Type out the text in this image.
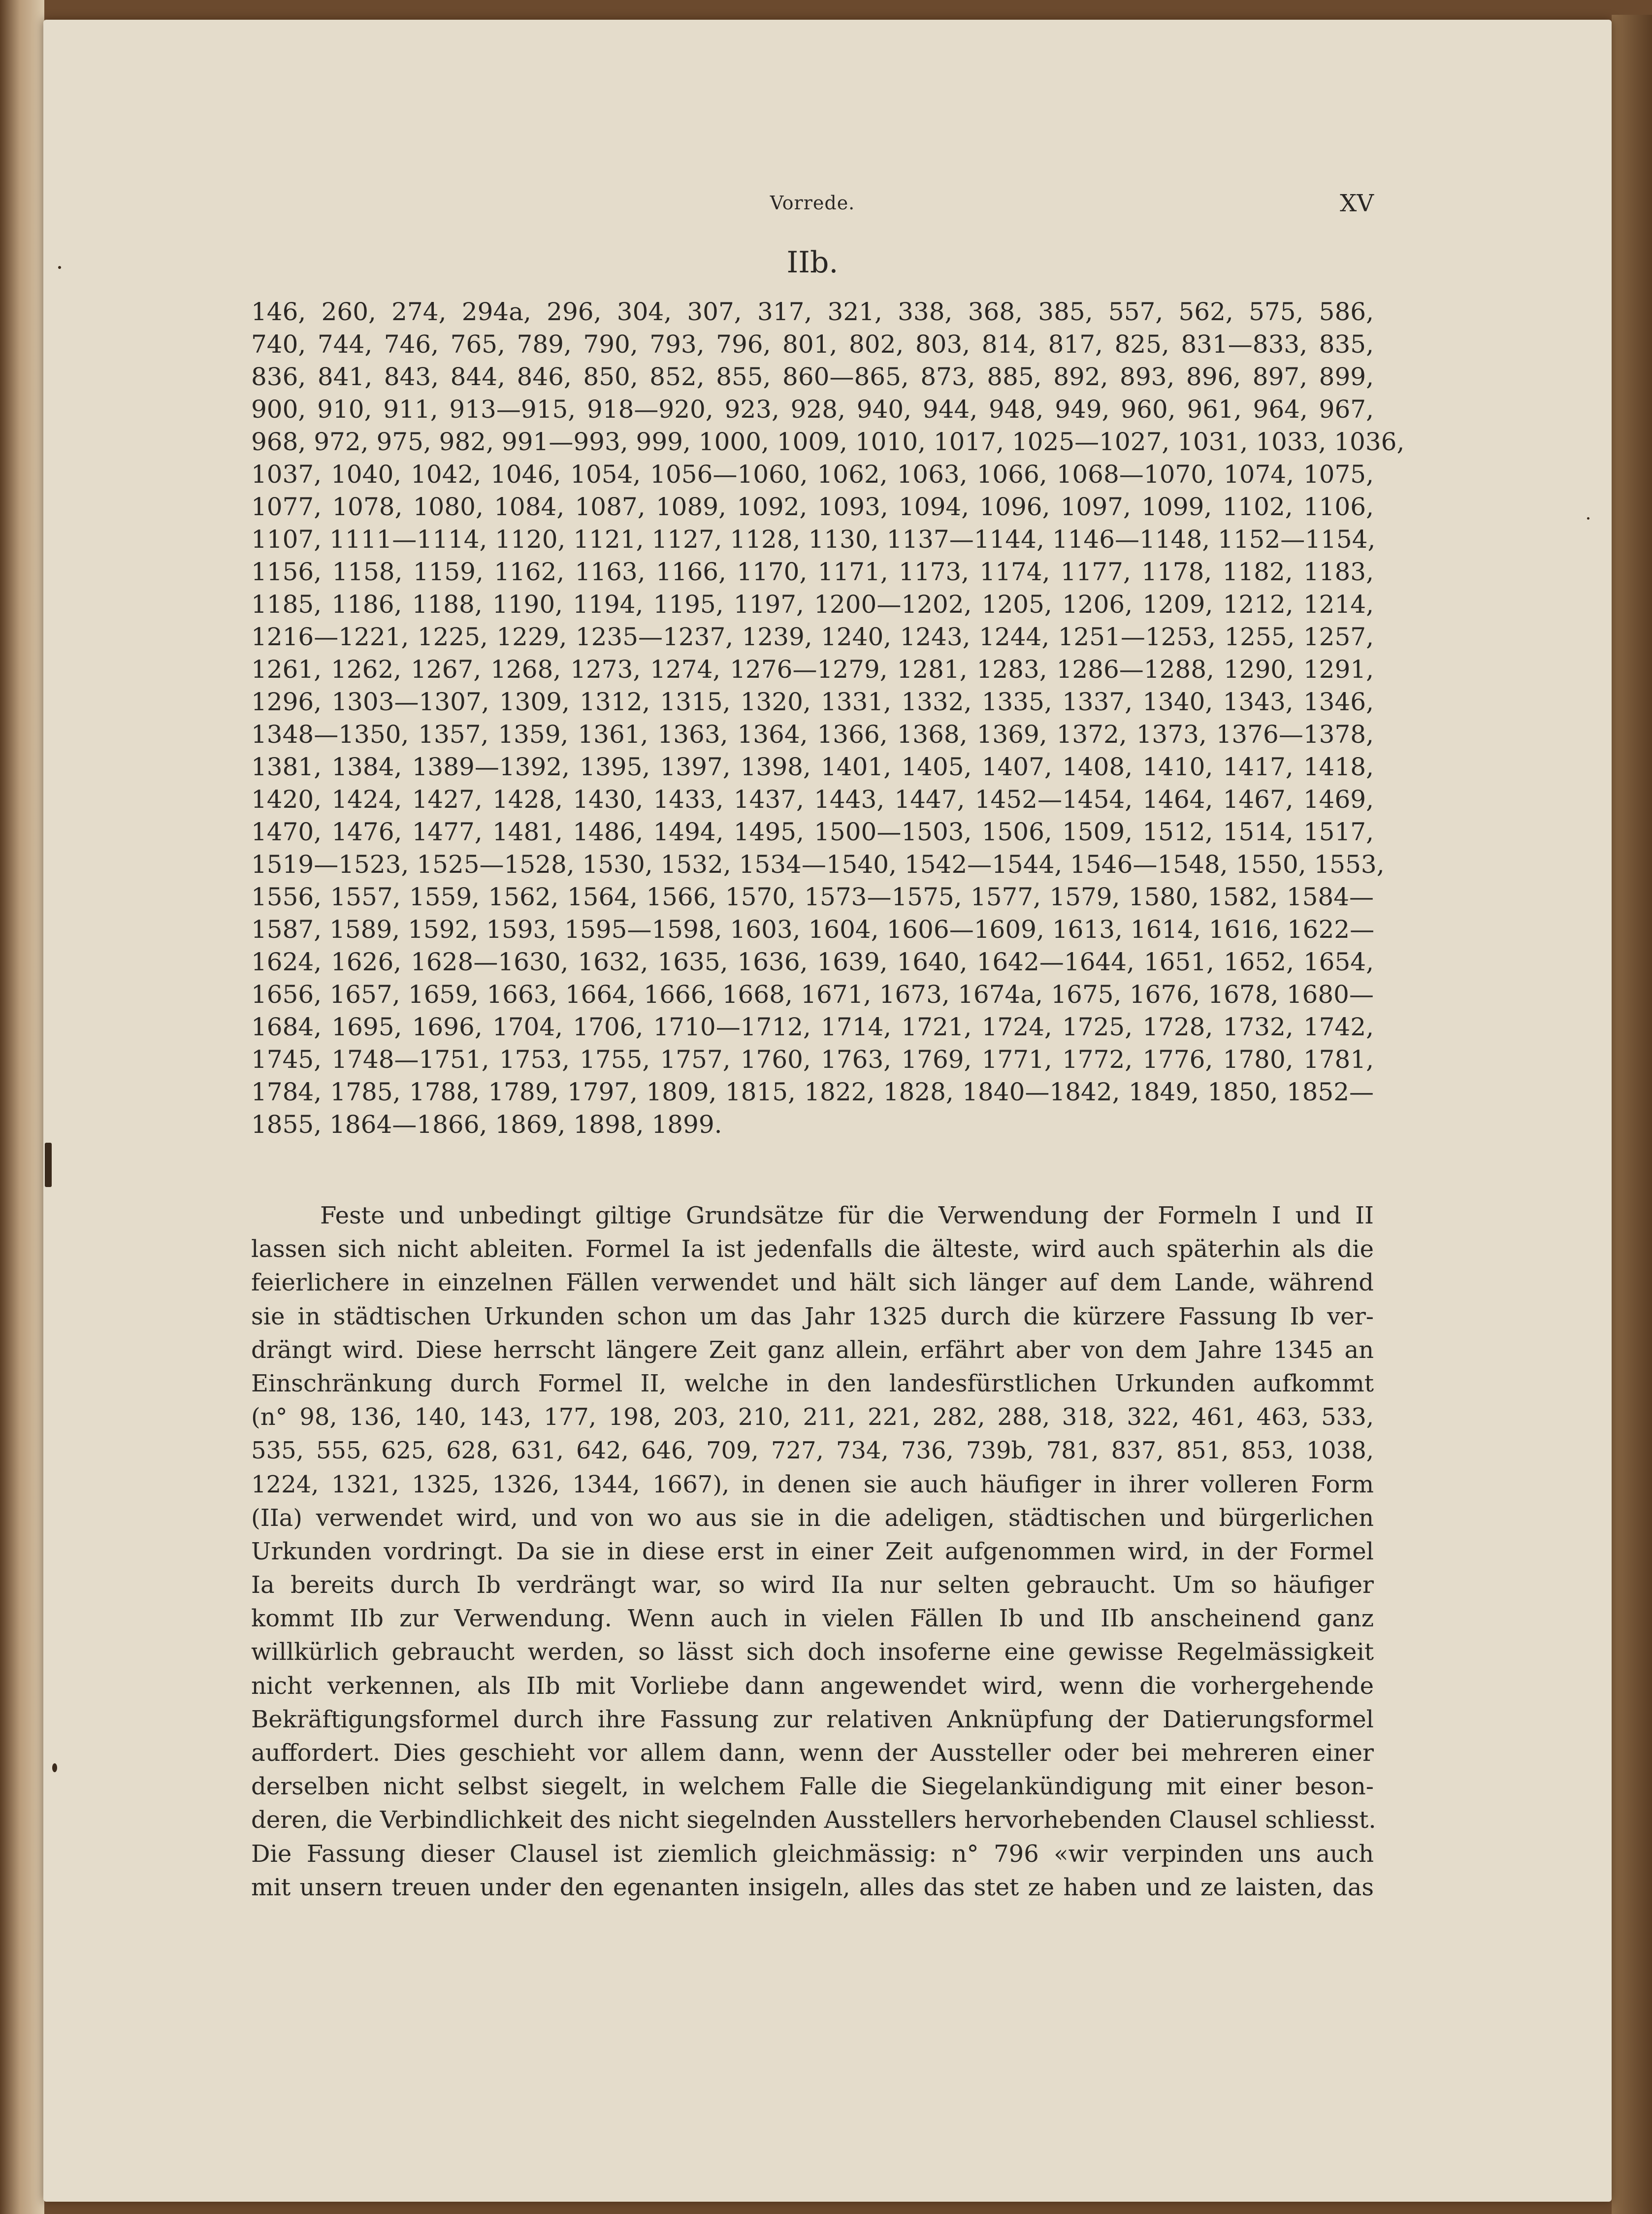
Vorrede.	XV
IIb.
146, 260, 274, 294a, 296, 304, 307, 317, 321, 338, 368, 385, 557, 562, 575, 586,
740, 744, 746, 765, 789, 790, 793, 796, 801, 802, 803, 814, 817, 825, 831—833, 835,
836, 841, 843, 844, 846, 850, 852, 855, 860—865, 873, 885, 892, 893, 896, 897, 899,
900, 910, 911, 913—915, 918—920, 923, 928, 940, 944, 948, 949, 960, 961, 964, 967,
968, 972, 975, 982, 991—993, 999, 1000, 1009, 1010, 1017, 1025—1027, 1031, 1033, 1036,
1037, 1040, 1042, 1046, 1054, 1056—1060, 1062, 1063, 1066, 1068—1070, 1074, 1075,
1077, 1078, 1080, 1084, 1087, 1089, 1092, 1093, 1094, 1096, 1097, 1099, 1102, 1106,
1107, 1111—1114, 1120, 1121, 1127, 1128, 1130, 1137—1144, 1146—1148, 1152—1154,
1156, 1158, 1159, 1162, 1163, 1166, 1170, 1171, 1173, 1174, 1177, 1178, 1182, 1183,
1185, 1186, 1188, 1190, 1194, 1195, 1197, 1200—1202, 1205, 1206, 1209, 1212, 1214,
1216—1221, 1225, 1229, 1235—1237, 1239, 1240, 1243, 1244, 1251—1253, 1255, 1257,
1261, 1262, 1267, 1268, 1273, 1274, 1276—1279, 1281, 1283, 1286—1288, 1290, 1291,
1296, 1303—1307, 1309, 1312, 1315, 1320, 1331, 1332, 1335, 1337, 1340, 1343, 1346,
1348—1350, 1357, 1359, 1361, 1363, 1364, 1366, 1368, 1369, 1372, 1373, 1376—1378,
1381, 1384, 1389—1392, 1395, 1397, 1398, 1401, 1405, 1407, 1408, 1410, 1417, 1418,
1420, 1424, 1427, 1428, 1430, 1433, 1437, 1443, 1447, 1452—1454, 1464, 1467, 1469,
1470, 1476, 1477, 1481, 1486, 1494, 1495, 1500—1503, 1506, 1509, 1512, 1514, 1517,
1519—1523, 1525—1528, 1530, 1532, 1534—1540, 1542—1544, 1546—1548, 1550, 1553,
1556, 1557, 1559, 1562, 1564, 1566, 1570, 1573—1575, 1577, 1579, 1580, 1582, 1584—
1587, 1589, 1592, 1593, 1595—1598, 1603, 1604, 1606—1609, 1613, 1614, 1616, 1622—
1624, 1626, 1628—1630, 1632, 1635, 1636, 1639, 1640, 1642—1644, 1651, 1652, 1654,
1656, 1657, 1659, 1663, 1664, 1666, 1668, 1671, 1673, 1674a, 1675, 1676, 1678, 1680—
1684, 1695, 1696, 1704, 1706, 1710—1712, 1714, 1721, 1724, 1725, 1728, 1732, 1742,
1745, 1748—1751, 1753, 1755, 1757, 1760, 1763, 1769, 1771, 1772, 1776, 1780, 1781,
1784, 1785, 1788, 1789, 1797, 1809, 1815, 1822, 1828, 1840—1842, 1849, 1850, 1852—
1855, 1864—1866, 1869, 1898, 1899.
Feste und unbedingt giltige Grundsätze für die Verwendung der Formeln I und II
lassen sich nicht ableiten. Formel Ia ist jedenfalls die älteste, wird auch späterhin als die
feierlichere in einzelnen Fällen verwendet und hält sich länger auf dem Lande, während
sie in städtischen Urkunden schon um das Jahr 1325 durch die kürzere Fassung Ib ver-
drängt wird. Diese herrscht längere Zeit ganz allein, erfährt aber von dem Jahre 1345 an
Einschränkung durch Formel II, welche in den landesfürstlichen Urkunden aufkommt
(n° 98, 136, 140, 143, 177, 198, 203, 210, 211, 221, 282, 288, 318, 322, 461, 463, 533,
535, 555, 625, 628, 631, 642, 646, 709, 727, 734, 736, 739b, 781, 837, 851, 853, 1038,
1224, 1321, 1325, 1326, 1344, 1667), in denen sie auch häufiger in ihrer volleren Form
(IIa) verwendet wird, und von wo aus sie in die adeligen, städtischen und bürgerlichen
Urkunden vordringt. Da sie in diese erst in einer Zeit aufgenommen wird, in der Formel
Ia bereits durch Ib verdrängt war, so wird IIa nur selten gebraucht. Um so häufiger
kommt IIb zur Verwendung. Wenn auch in vielen Fällen Ib und IIb anscheinend ganz
willkürlich gebraucht werden, so lässt sich doch insoferne eine gewisse Regelmässigkeit
nicht verkennen, als IIb mit Vorliebe dann angewendet wird, wenn die vorhergehende
Bekräftigungsformel durch ihre Fassung zur relativen Anknüpfung der Datierungsformel
auffordert. Dies geschieht vor allem dann, wenn der Aussteller oder bei mehreren einer
derselben nicht selbst siegelt, in welchem Falle die Siegelankündigung mit einer beson-
deren, die Verbindlichkeit des nicht siegelnden Ausstellers hervorhebenden Clausel schliesst.
Die Fassung dieser Clausel ist ziemlich gleichmässig: n° 796 «wir verpinden uns auch
mit unsern treuen under den egenanten insigeln, alles das stet ze haben und ze laisten, das
